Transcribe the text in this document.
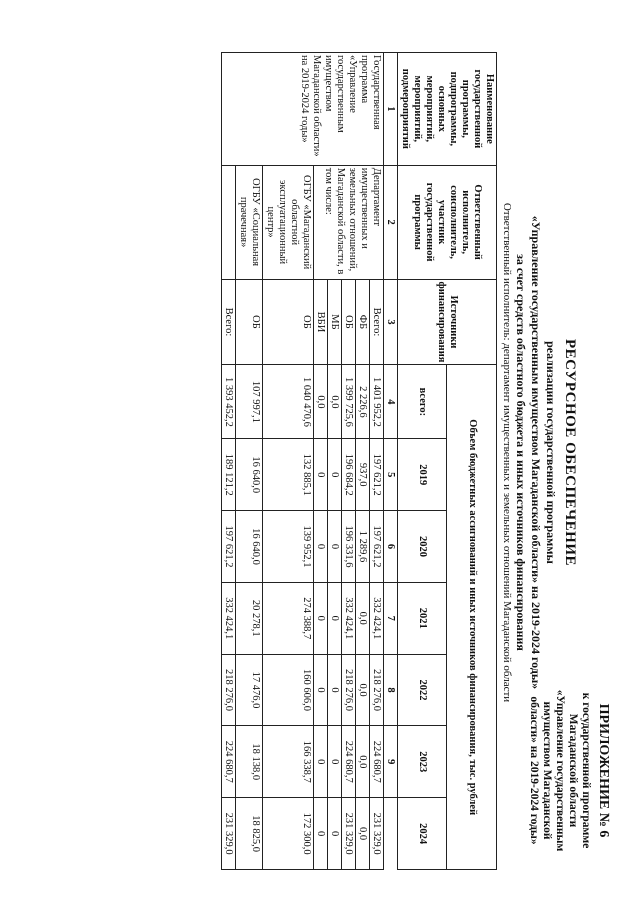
ПРИЛОЖЕНИЕ № 6
к государственной программе
Магаданской области
«Управление государственным
имуществом Магаданской
области» на 2019-2024 годы»
РЕСУРСНОЕ ОБЕСПЕЧЕНИЕ
реализации государственной программы
«Управление государственным имуществом Магаданской области» на 2019-2024 годы»
за счет средств областного бюджета и иных источников финансирования
Ответственный исполнитель: департамент имущественных и земельных отношений Магаданской области
Наименование государственной программы, подпрограммы, основных мероприятий, мероприятий, подмероприятий	Ответственный исполнитель, соисполнитель, участник государственной программы	Источники финансирования	Объем бюджетных ассигнований и иных источников финансирования, тыс. рублей						
			всего:	2019	2020	2021	2022	2023	2024
1	2	3	4	5	6	7	8	9	
Государственная программа «Управление государственным имуществом Магаданской области» на 2019-2024 годы»	Департамент имущественных и земельных отношений, Магаданской области, в том числе:	Всего:	1 401 952,2	197 621,2	197 621,2	332 424,1	218 276,0	224 680,7	231 329,0
		ФБ	2 226,6	937,0	1 289,6	0,0	0,0	0,0	0,0
		ОБ	1 399 725,6	196 684,2	196 331,6	332 424,1	218 276,0	224 680,7	231 329,0
		МБ	0,0	0	0	0	0	0	0
		ВБИ	0,0	0	0	0	0	0	0
	ОГБУ «Магаданский областной эксплуатационный центр»	ОБ	1 040 470,6	132 885,1	139 952,1	274 388,7	160 606,0	166 338,7	172 300,0
	ОГБУ «Социальная прачечная»	ОБ	107 997,1	16 640,0	16 640,0	20 278,1	17 476,0	18 138,0	18 825,0
		Всего:	1 393 452,2	189 121,2	197 621,2	332 424,1	218 276,0	224 680,7	231 329,0
